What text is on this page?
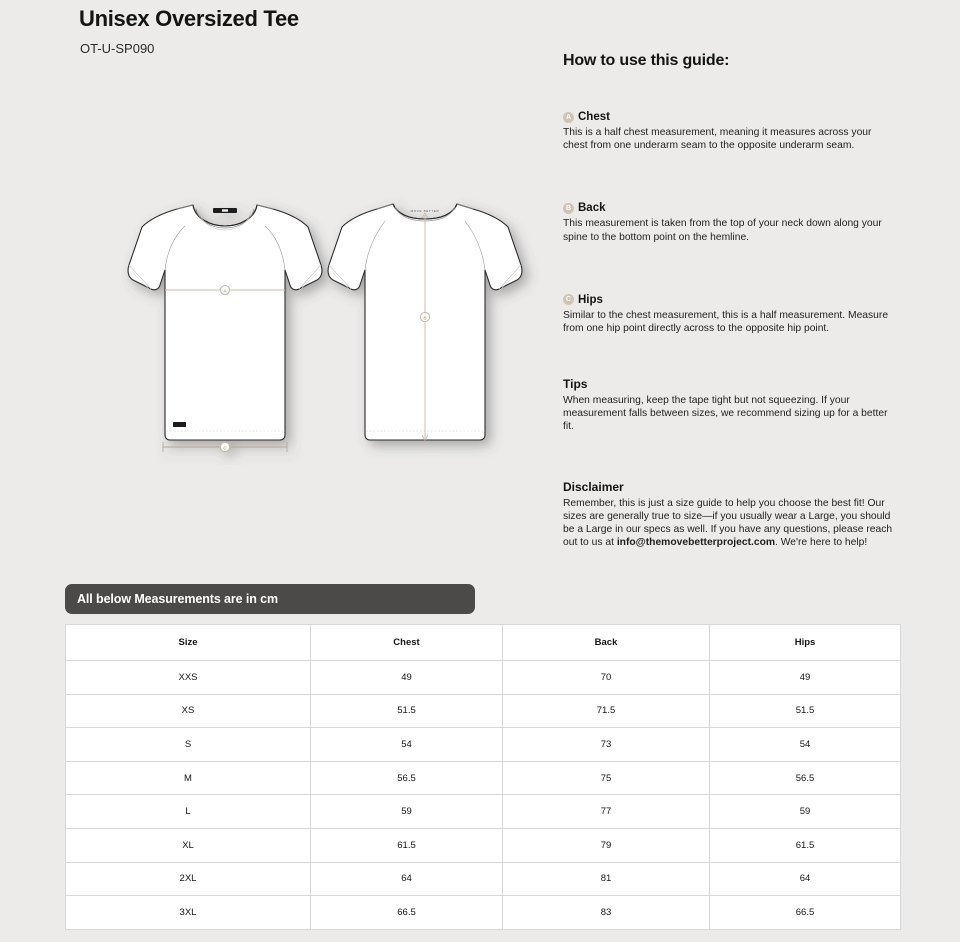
Unisex Oversized Tee
OT-U-SP090
A
C
MOVE BETTER
B
How to use this guide:
A Chest

This is a half chest measurement, meaning it measures across your chest from one underarm seam to the opposite underarm seam.

B Back

This measurement is taken from the top of your neck down along your spine to the bottom point on the hemline.

C Hips

Similar to the chest measurement, this is a half measurement. Measure from one hip point directly across to the opposite hip point.

Tips

When measuring, keep the tape tight but not squeezing. If your measurement falls between sizes, we recommend sizing up for a better fit.

Disclaimer

Remember, this is just a size guide to help you choose the best fit! Our sizes are generally true to size—if you usually wear a Large, you should be a Large in our specs as well. If you have any questions, please reach out to us at info@themovebetterproject.com. We're here to help!

All below Measurements are in cm
Size	Chest	Back	Hips
XXS	49	70	49
XS	51.5	71.5	51.5
S	54	73	54
M	56.5	75	56.5
L	59	77	59
XL	61.5	79	61.5
2XL	64	81	64
3XL	66.5	83	66.5
